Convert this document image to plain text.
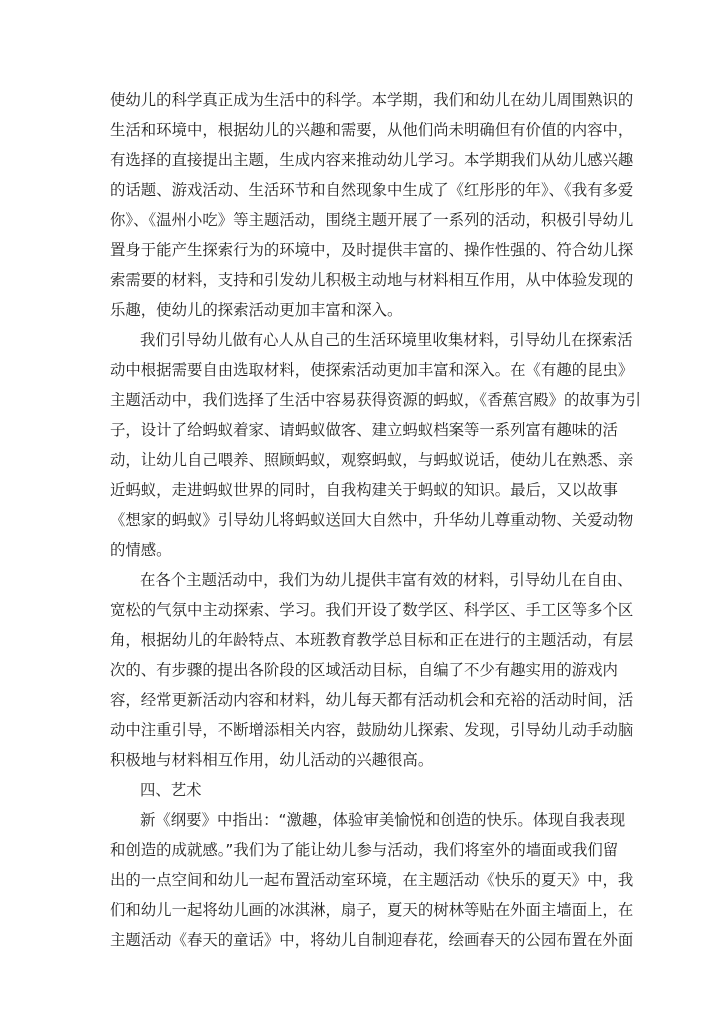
使幼儿的科学真正成为生活中的科学。本学期，我们和幼儿在幼儿周围熟识的

生活和环境中，根据幼儿的兴趣和需要，从他们尚未明确但有价值的内容中，

有选择的直接提出主题，生成内容来推动幼儿学习。本学期我们从幼儿感兴趣

的话题、游戏活动、生活环节和自然现象中生成了《红彤彤的年》、《我有多爱

你》、《温州小吃》等主题活动，围绕主题开展了一系列的活动，积极引导幼儿

置身于能产生探索行为的环境中，及时提供丰富的、操作性强的、符合幼儿探

索需要的材料，支持和引发幼儿积极主动地与材料相互作用，从中体验发现的

乐趣，使幼儿的探索活动更加丰富和深入。

我们引导幼儿做有心人从自己的生活环境里收集材料，引导幼儿在探索活

动中根据需要自由选取材料，使探索活动更加丰富和深入。在《有趣的昆虫》

主题活动中，我们选择了生活中容易获得资源的蚂蚁，《香蕉宫殿》的故事为引

子，设计了给蚂蚁着家、请蚂蚁做客、建立蚂蚁档案等一系列富有趣味的活

动，让幼儿自己喂养、照顾蚂蚁，观察蚂蚁，与蚂蚁说话，使幼儿在熟悉、亲

近蚂蚁，走进蚂蚁世界的同时，自我构建关于蚂蚁的知识。最后，又以故事

《想家的蚂蚁》引导幼儿将蚂蚁送回大自然中，升华幼儿尊重动物、关爱动物

的情感。

在各个主题活动中，我们为幼儿提供丰富有效的材料，引导幼儿在自由、

宽松的气氛中主动探索、学习。我们开设了数学区、科学区、手工区等多个区

角，根据幼儿的年龄特点、本班教育教学总目标和正在进行的主题活动，有层

次的、有步骤的提出各阶段的区域活动目标，自编了不少有趣实用的游戏内

容，经常更新活动内容和材料，幼儿每天都有活动机会和充裕的活动时间，活

动中注重引导，不断增添相关内容，鼓励幼儿探索、发现，引导幼儿动手动脑

积极地与材料相互作用，幼儿活动的兴趣很高。

四、艺术

新《纲要》中指出：“激趣，体验审美愉悦和创造的快乐。体现自我表现

和创造的成就感。”我们为了能让幼儿参与活动，我们将室外的墙面或我们留

出的一点空间和幼儿一起布置活动室环境，在主题活动《快乐的夏天》中，我

们和幼儿一起将幼儿画的冰淇淋，扇子，夏天的树林等贴在外面主墙面上，在

主题活动《春天的童话》中，将幼儿自制迎春花，绘画春天的公园布置在外面
